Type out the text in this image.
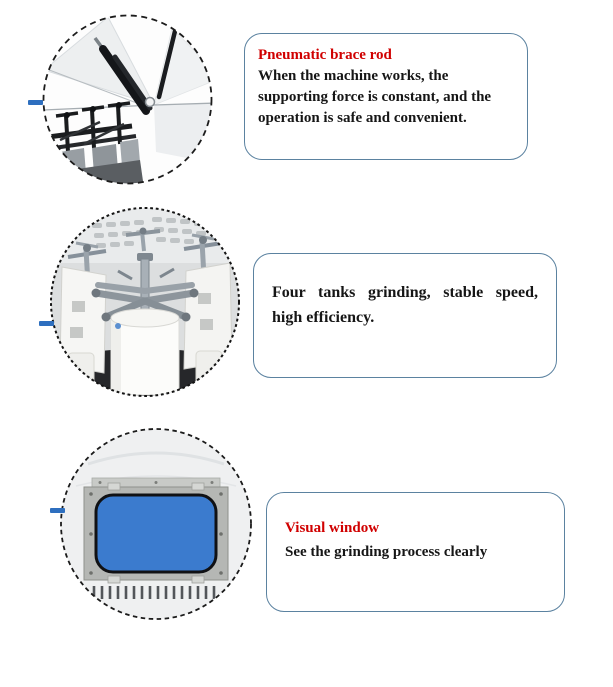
Pneumatic brace rod
When the machine works, the
supporting force is constant, and the
operation is safe and convenient.
Four tanks grinding, stable speed,
high efficiency.
Visual window
See the grinding process clearly
